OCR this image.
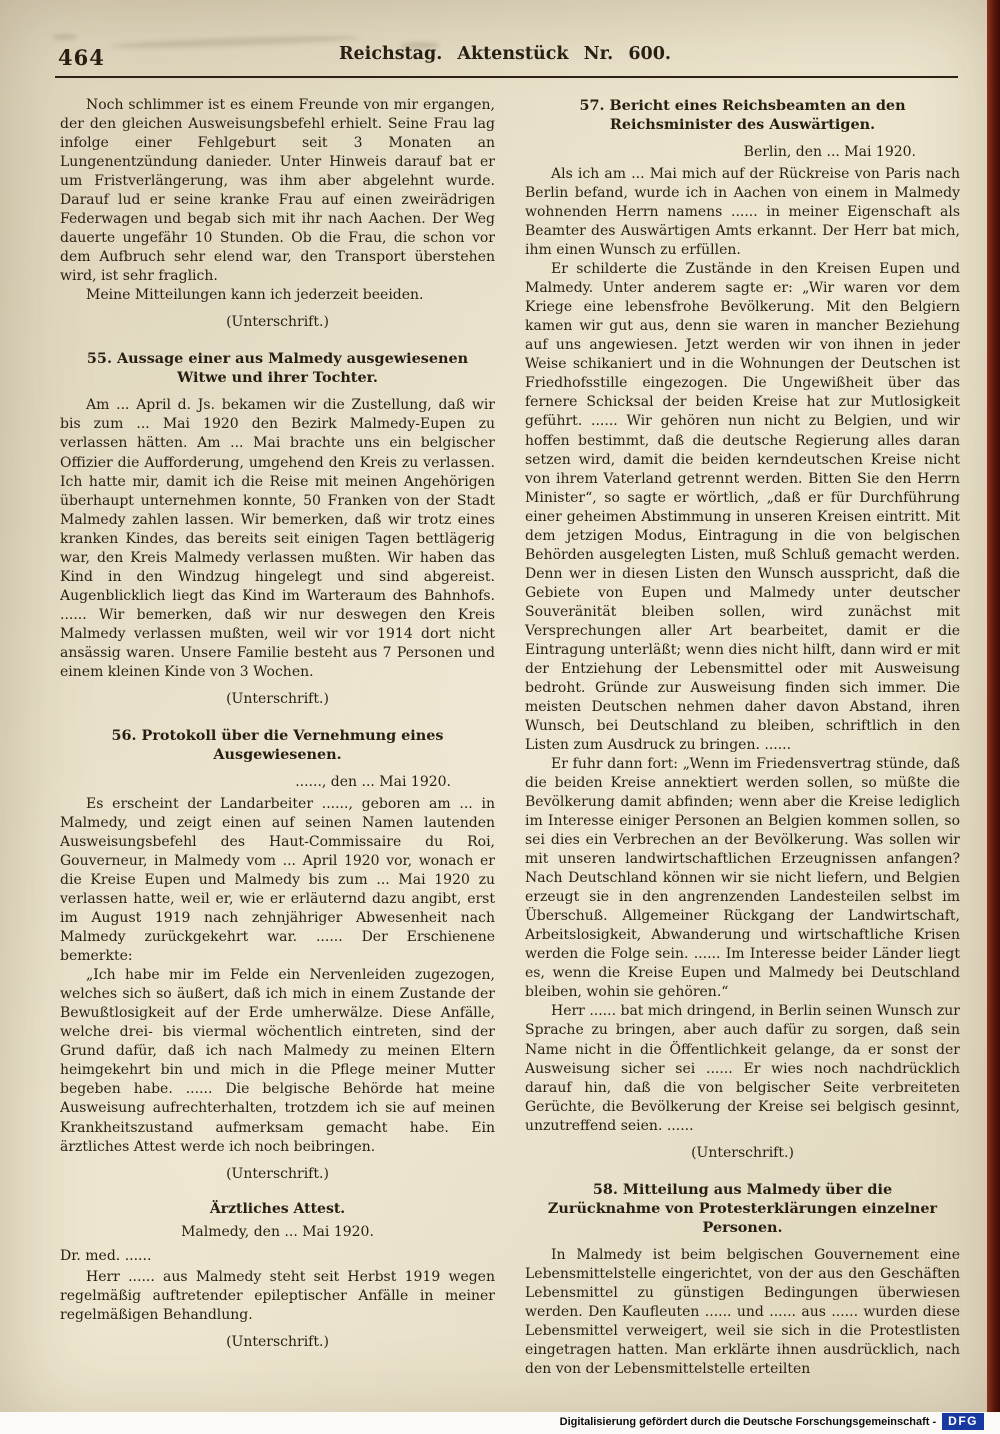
464	Reichstag. Aktenstück Nr. 600.

Noch schlimmer ist es einem Freunde von mir ergangen, der den gleichen Ausweisungsbefehl erhielt. Seine Frau lag infolge einer Fehlgeburt seit 3 Monaten an Lungenentzündung danieder. Unter Hinweis darauf bat er um Fristverlängerung, was ihm aber abgelehnt wurde. Darauf lud er seine kranke Frau auf einen zweirädrigen Federwagen und begab sich mit ihr nach Aachen. Der Weg dauerte ungefähr 10 Stunden. Ob die Frau, die schon vor dem Aufbruch sehr elend war, den Transport überstehen wird, ist sehr fraglich.

Meine Mitteilungen kann ich jederzeit beeiden.

(Unterschrift.)
55. Aussage einer aus Malmedy ausgewiesenen Witwe und ihrer Tochter.

Am ... April d. Js. bekamen wir die Zustellung, daß wir bis zum ... Mai 1920 den Bezirk Malmedy-Eupen zu verlassen hätten. Am ... Mai brachte uns ein belgischer Offizier die Aufforderung, umgehend den Kreis zu verlassen. Ich hatte mir, damit ich die Reise mit meinen Angehörigen überhaupt unternehmen konnte, 50 Franken von der Stadt Malmedy zahlen lassen. Wir bemerken, daß wir trotz eines kranken Kindes, das bereits seit einigen Tagen bettlägerig war, den Kreis Malmedy verlassen mußten. Wir haben das Kind in den Windzug hingelegt und sind abgereist. Augenblicklich liegt das Kind im Warteraum des Bahnhofs. ...... Wir bemerken, daß wir nur deswegen den Kreis Malmedy verlassen mußten, weil wir vor 1914 dort nicht ansässig waren. Unsere Familie besteht aus 7 Personen und einem kleinen Kinde von 3 Wochen.

(Unterschrift.)
56. Protokoll über die Vernehmung eines Ausgewiesenen.
......, den ... Mai 1920.

Es erscheint der Landarbeiter ......, geboren am ... in Malmedy, und zeigt einen auf seinen Namen lautenden Ausweisungsbefehl des Haut-Commissaire du Roi, Gouverneur, in Malmedy vom ... April 1920 vor, wonach er die Kreise Eupen und Malmedy bis zum ... Mai 1920 zu verlassen hatte, weil er, wie er erläuternd dazu angibt, erst im August 1919 nach zehnjähriger Abwesenheit nach Malmedy zurückgekehrt war. ...... Der Erschienene bemerkte:

„Ich habe mir im Felde ein Nervenleiden zugezogen, welches sich so äußert, daß ich mich in einem Zustande der Bewußtlosigkeit auf der Erde umherwälze. Diese Anfälle, welche drei- bis viermal wöchentlich eintreten, sind der Grund dafür, daß ich nach Malmedy zu meinen Eltern heimgekehrt bin und mich in die Pflege meiner Mutter begeben habe. ...... Die belgische Behörde hat meine Ausweisung aufrechterhalten, trotzdem ich sie auf meinen Krankheitszustand aufmerksam gemacht habe. Ein ärztliches Attest werde ich noch beibringen.

(Unterschrift.)
Ärztliches Attest.
Malmedy, den ... Mai 1920.
Dr. med. ......

Herr ...... aus Malmedy steht seit Herbst 1919 wegen regelmäßig auftretender epileptischer Anfälle in meiner regelmäßigen Behandlung.

(Unterschrift.)
57. Bericht eines Reichsbeamten an den Reichsminister des Auswärtigen.
Berlin, den ... Mai 1920.

Als ich am ... Mai mich auf der Rückreise von Paris nach Berlin befand, wurde ich in Aachen von einem in Malmedy wohnenden Herrn namens ...... in meiner Eigenschaft als Beamter des Auswärtigen Amts erkannt. Der Herr bat mich, ihm einen Wunsch zu erfüllen.

Er schilderte die Zustände in den Kreisen Eupen und Malmedy. Unter anderem sagte er: „Wir waren vor dem Kriege eine lebensfrohe Bevölkerung. Mit den Belgiern kamen wir gut aus, denn sie waren in mancher Beziehung auf uns angewiesen. Jetzt werden wir von ihnen in jeder Weise schikaniert und in die Wohnungen der Deutschen ist Friedhofsstille eingezogen. Die Ungewißheit über das fernere Schicksal der beiden Kreise hat zur Mutlosigkeit geführt. ...... Wir gehören nun nicht zu Belgien, und wir hoffen bestimmt, daß die deutsche Regierung alles daran setzen wird, damit die beiden kerndeutschen Kreise nicht von ihrem Vaterland getrennt werden. Bitten Sie den Herrn Minister“, so sagte er wörtlich, „daß er für Durchführung einer geheimen Abstimmung in unseren Kreisen eintritt. Mit dem jetzigen Modus, Eintragung in die von belgischen Behörden ausgelegten Listen, muß Schluß gemacht werden. Denn wer in diesen Listen den Wunsch ausspricht, daß die Gebiete von Eupen und Malmedy unter deutscher Souveränität bleiben sollen, wird zunächst mit Versprechungen aller Art bearbeitet, damit er die Eintragung unterläßt; wenn dies nicht hilft, dann wird er mit der Entziehung der Lebensmittel oder mit Ausweisung bedroht. Gründe zur Ausweisung finden sich immer. Die meisten Deutschen nehmen daher davon Abstand, ihren Wunsch, bei Deutschland zu bleiben, schriftlich in den Listen zum Ausdruck zu bringen. ......

Er fuhr dann fort: „Wenn im Friedensvertrag stünde, daß die beiden Kreise annektiert werden sollen, so müßte die Bevölkerung damit abfinden; wenn aber die Kreise lediglich im Interesse einiger Personen an Belgien kommen sollen, so sei dies ein Verbrechen an der Bevölkerung. Was sollen wir mit unseren landwirtschaftlichen Erzeugnissen anfangen? Nach Deutschland können wir sie nicht liefern, und Belgien erzeugt sie in den angrenzenden Landesteilen selbst im Überschuß. Allgemeiner Rückgang der Landwirtschaft, Arbeitslosigkeit, Abwanderung und wirtschaftliche Krisen werden die Folge sein. ...... Im Interesse beider Länder liegt es, wenn die Kreise Eupen und Malmedy bei Deutschland bleiben, wohin sie gehören.“

Herr ...... bat mich dringend, in Berlin seinen Wunsch zur Sprache zu bringen, aber auch dafür zu sorgen, daß sein Name nicht in die Öffentlichkeit gelange, da er sonst der Ausweisung sicher sei ...... Er wies noch nachdrücklich darauf hin, daß die von belgischer Seite verbreiteten Gerüchte, die Bevölkerung der Kreise sei belgisch gesinnt, unzutreffend seien. ......

(Unterschrift.)
58. Mitteilung aus Malmedy über die Zurücknahme von Protesterklärungen einzelner Personen.

In Malmedy ist beim belgischen Gouvernement eine Lebensmittelstelle eingerichtet, von der aus den Geschäften Lebensmittel zu günstigen Bedingungen überwiesen werden. Den Kaufleuten ...... und ...... aus ...... wurden diese Lebensmittel verweigert, weil sie sich in die Protestlisten eingetragen hatten. Man erklärte ihnen ausdrücklich, nach den von der Lebensmittelstelle erteilten

Digitalisierung gefördert durch die Deutsche Forschungsgemeinschaft -	DFG
